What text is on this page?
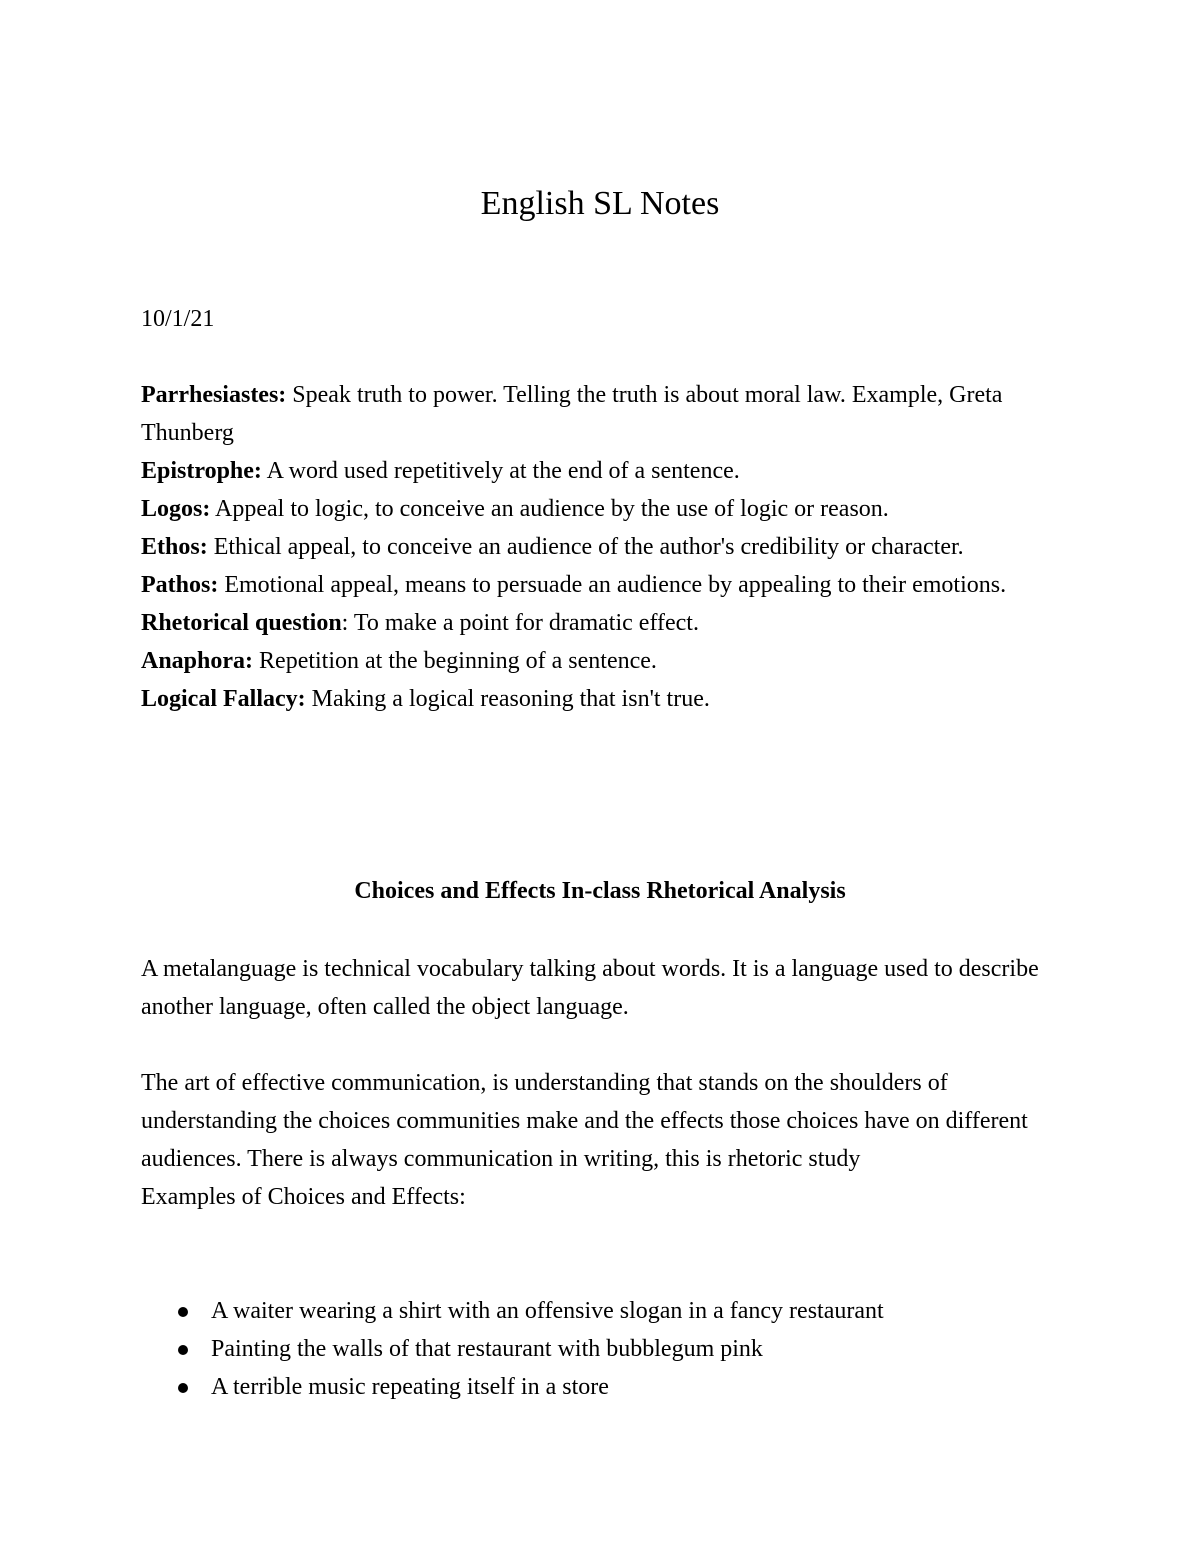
English SL Notes
10/1/21

Parrhesiastes: Speak truth to power. Telling the truth is about moral law. Example, Greta Thunberg

Epistrophe: A word used repetitively at the end of a sentence.

Logos: Appeal to logic, to conceive an audience by the use of logic or reason.

Ethos: Ethical appeal, to conceive an audience of the author's credibility or character.

Pathos: Emotional appeal, means to persuade an audience by appealing to their emotions.

Rhetorical question: To make a point for dramatic effect.

Anaphora: Repetition at the beginning of a sentence.

Logical Fallacy: Making a logical reasoning that isn't true.

Choices and Effects In-class Rhetorical Analysis

A metalanguage is technical vocabulary talking about words. It is a language used to describe another language, often called the object language.

The art of effective communication, is understanding that stands on the shoulders of understanding the choices communities make and the effects those choices have on different audiences. There is always communication in writing, this is rhetoric study

Examples of Choices and Effects:

A waiter wearing a shirt with an offensive slogan in a fancy restaurant
Painting the walls of that restaurant with bubblegum pink
A terrible music repeating itself in a store
